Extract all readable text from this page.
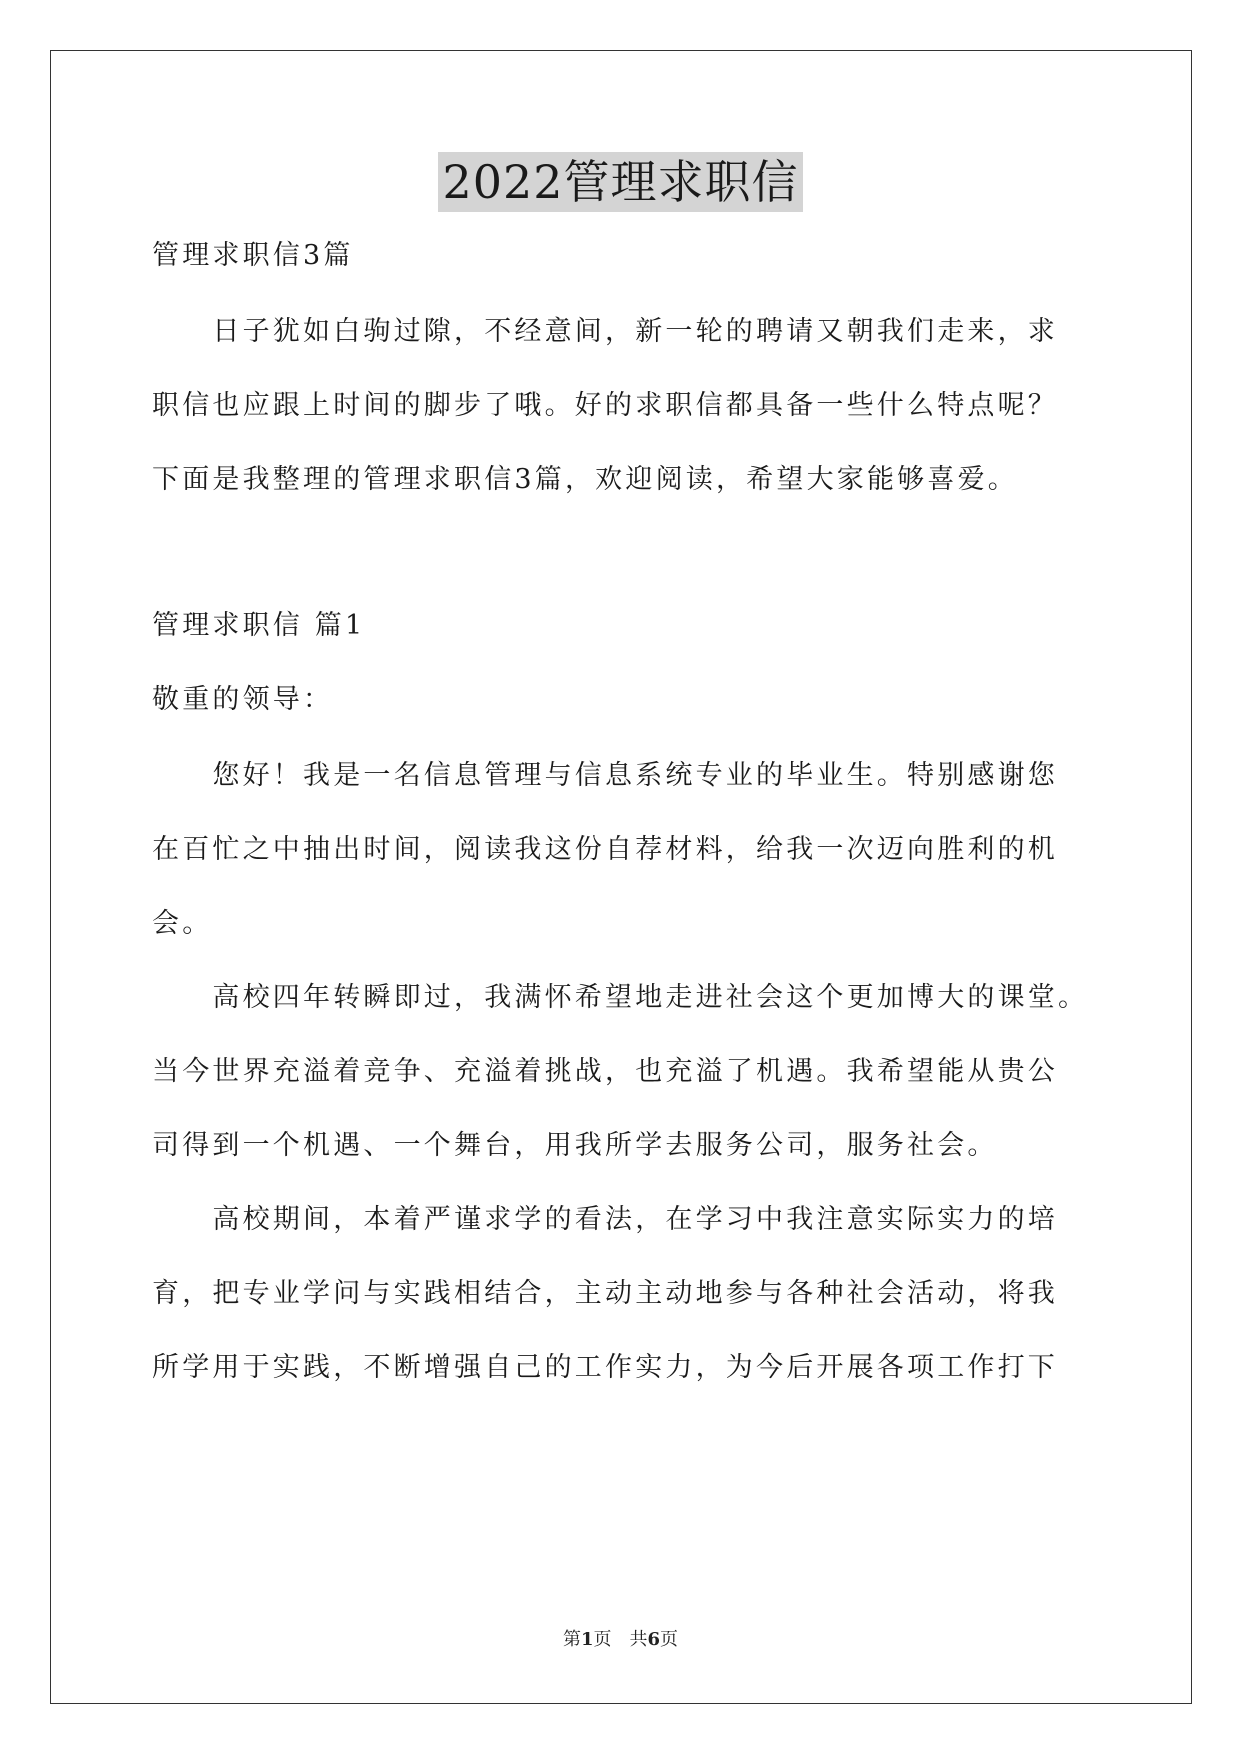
2022管理求职信
管理求职信3篇
　　日子犹如白驹过隙，不经意间，新一轮的聘请又朝我们走来，求
职信也应跟上时间的脚步了哦。好的求职信都具备一些什么特点呢？
下面是我整理的管理求职信3篇，欢迎阅读，希望大家能够喜爱。
管理求职信 篇1
敬重的领导：
　　您好！我是一名信息管理与信息系统专业的毕业生。特别感谢您
在百忙之中抽出时间，阅读我这份自荐材料，给我一次迈向胜利的机
会。
　　高校四年转瞬即过，我满怀希望地走进社会这个更加博大的课堂。
当今世界充溢着竞争、充溢着挑战，也充溢了机遇。我希望能从贵公
司得到一个机遇、一个舞台，用我所学去服务公司，服务社会。
　　高校期间，本着严谨求学的看法，在学习中我注意实际实力的培
育，把专业学问与实践相结合，主动主动地参与各种社会活动，将我
所学用于实践，不断增强自己的工作实力，为今后开展各项工作打下
第1页　共6页
